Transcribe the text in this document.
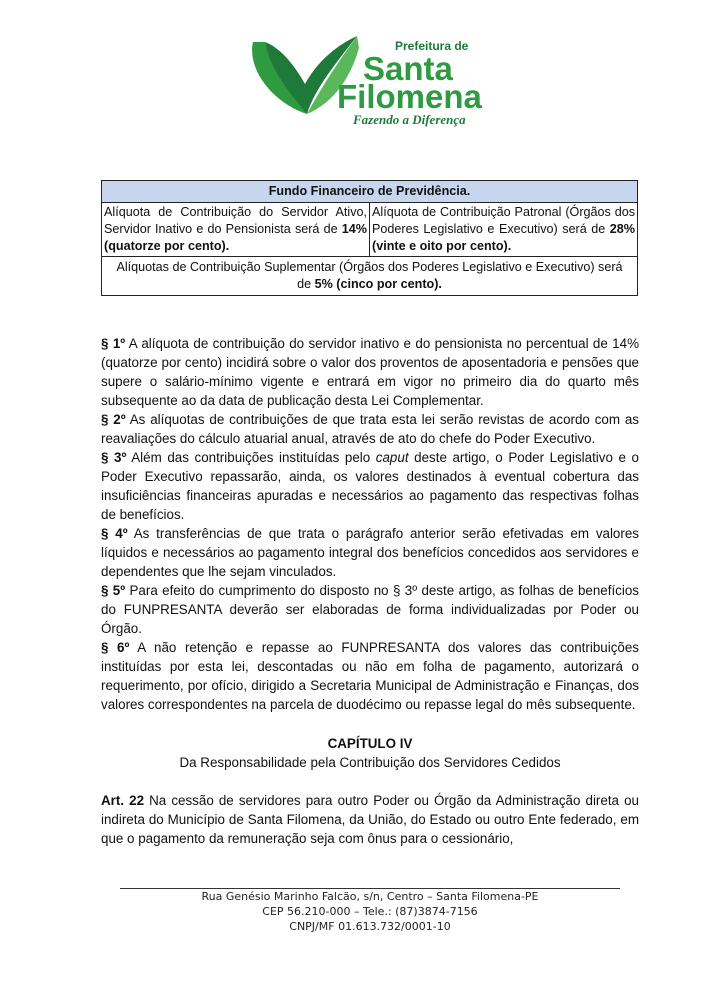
Prefeitura de
Santa
Filomena
Fazendo a Diferença
Fundo Financeiro de Previdência.
Alíquota de Contribuição do Servidor Ativo, Servidor Inativo e do Pensionista será de 14% (quatorze por cento).	Alíquota de Contribuição Patronal (Órgãos dos Poderes Legislativo e Executivo) será de 28% (vinte e oito por cento).
Alíquotas de Contribuição Suplementar (Órgãos dos Poderes Legislativo e Executivo) será de 5% (cinco por cento).

§ 1º A alíquota de contribuição do servidor inativo e do pensionista no percentual de 14% (quatorze por cento) incidirá sobre o valor dos proventos de aposentadoria e pensões que supere o salário-mínimo vigente e entrará em vigor no primeiro dia do quarto mês subsequente ao da data de publicação desta Lei Complementar.

§ 2º As alíquotas de contribuições de que trata esta lei serão revistas de acordo com as reavaliações do cálculo atuarial anual, através de ato do chefe do Poder Executivo.

§ 3º Além das contribuições instituídas pelo caput deste artigo, o Poder Legislativo e o Poder Executivo repassarão, ainda, os valores destinados à eventual cobertura das insuficiências financeiras apuradas e necessários ao pagamento das respectivas folhas de benefícios.

§ 4º As transferências de que trata o parágrafo anterior serão efetivadas em valores líquidos e necessários ao pagamento integral dos benefícios concedidos aos servidores e dependentes que lhe sejam vinculados.

§ 5º Para efeito do cumprimento do disposto no § 3º deste artigo, as folhas de benefícios do FUNPRESANTA deverão ser elaboradas de forma individualizadas por Poder ou Órgão.

§ 6º A não retenção e repasse ao FUNPRESANTA dos valores das contribuições instituídas por esta lei, descontadas ou não em folha de pagamento, autorizará o requerimento, por ofício, dirigido a Secretaria Municipal de Administração e Finanças, dos valores correspondentes na parcela de duodécimo ou repasse legal do mês subsequente.

CAPÍTULO IV
Da Responsabilidade pela Contribuição dos Servidores Cedidos

Art. 22 Na cessão de servidores para outro Poder ou Órgão da Administração direta ou indireta do Município de Santa Filomena, da União, do Estado ou outro Ente federado, em que o pagamento da remuneração seja com ônus para o cessionário,

Rua Genésio Marinho Falcão, s/n, Centro – Santa Filomena-PE
CEP 56.210-000 – Tele.: (87)3874-7156
CNPJ/MF 01.613.732/0001-10
